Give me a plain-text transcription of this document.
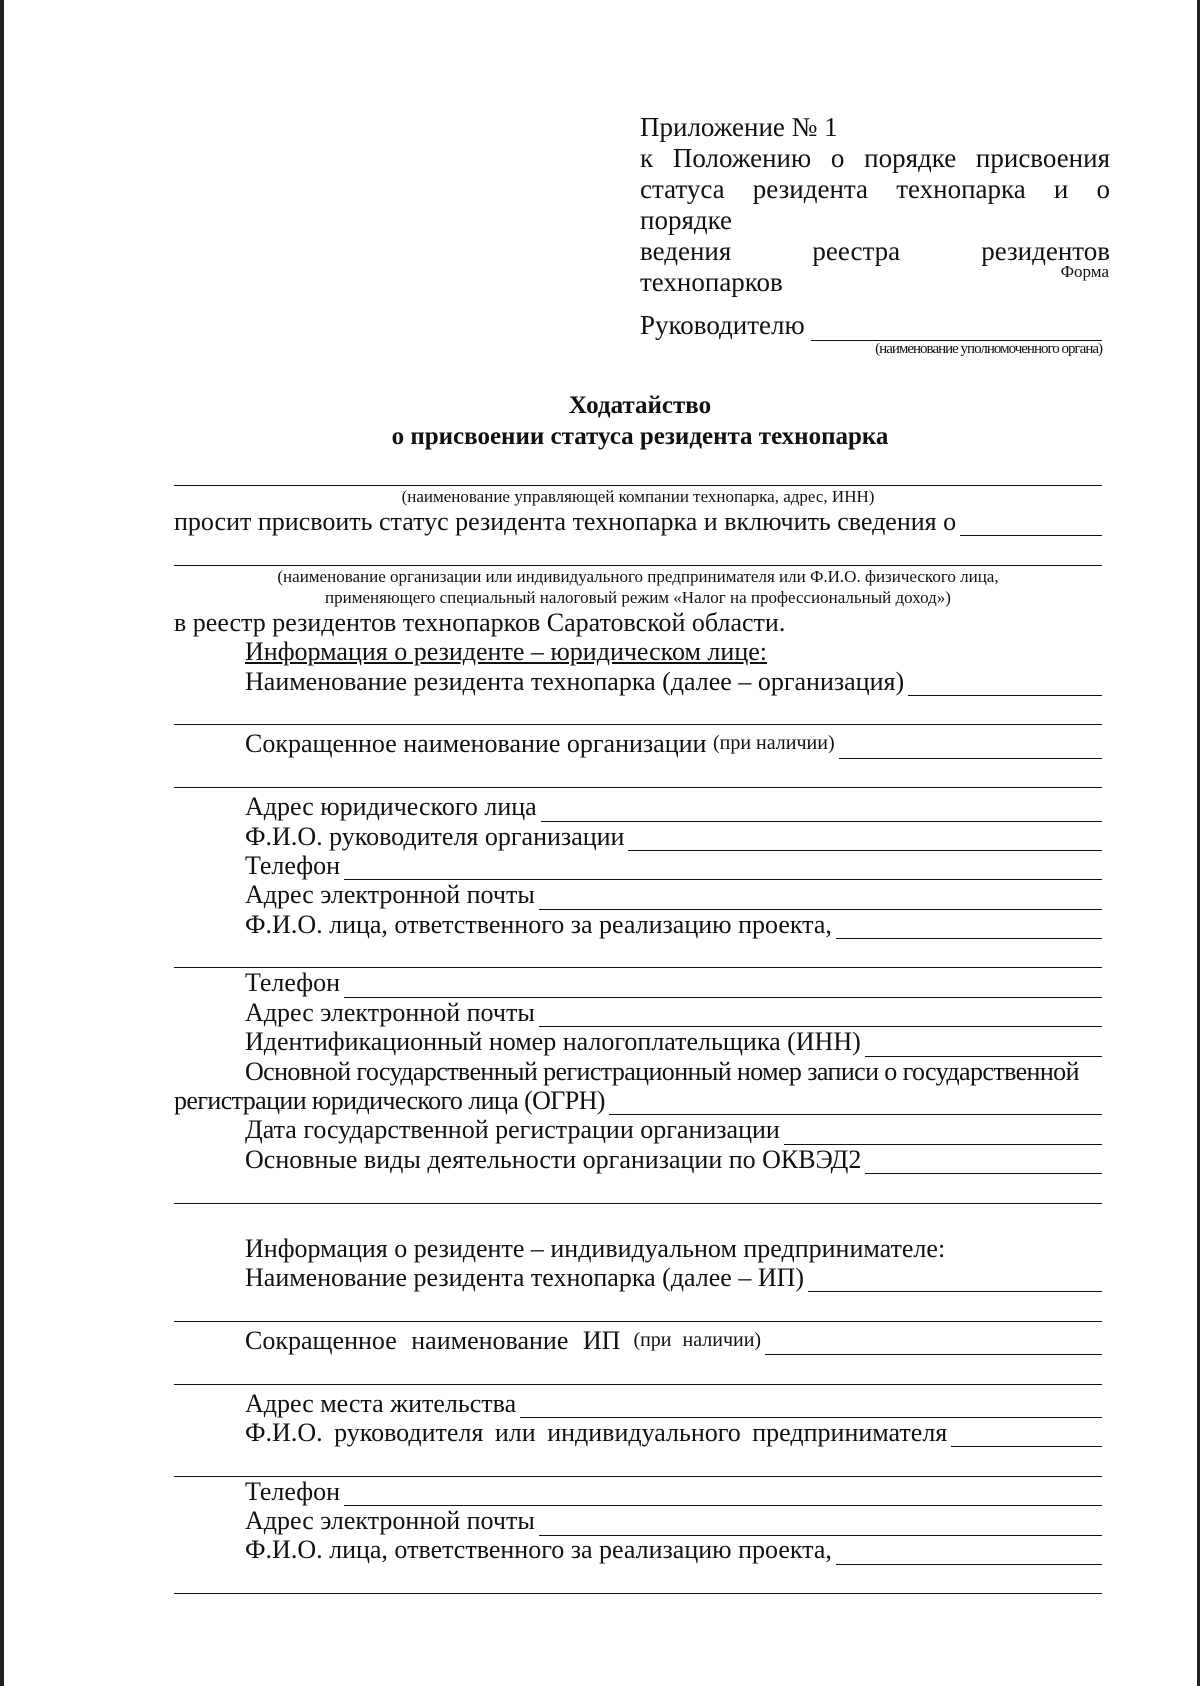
Приложение № 1
к Положению о порядке присвоения
статуса резидента технопарка и о порядке
ведения реестра резидентов технопарков	Форма
Руководителю
(наименование уполномоченного органа)
Ходатайство
о присвоении статуса резидента технопарка
(наименование управляющей компании технопарка, адрес, ИНН)
просит присвоить статус резидента технопарка и включить сведения о
(наименование организации или индивидуального предпринимателя или Ф.И.О. физического лица,
применяющего специальный налоговый режим «Налог на профессиональный доход»)
в реестр резидентов технопарков Саратовской области.
Информация о резиденте – юридическом лице:
Наименование резидента технопарка (далее – организация)
Сокращенное наименование организации
(при наличии)
Адрес юридического лица
Ф.И.О. руководителя организации
Телефон
Адрес электронной почты
Ф.И.О. лица, ответственного за реализацию проекта,
Телефон
Адрес электронной почты
Идентификационный номер налогоплательщика (ИНН)
Основной государственный регистрационный номер записи о государственной
регистрации юридического лица (ОГРН)
Дата государственной регистрации организации
Основные виды деятельности организации по ОКВЭД2
Информация о резиденте – индивидуальном предпринимателе:
Наименование резидента технопарка (далее – ИП)
Сокращенное наименование ИП
(при наличии)
Адрес места жительства
Ф.И.О. руководителя или индивидуального предпринимателя
Телефон
Адрес электронной почты
Ф.И.О. лица, ответственного за реализацию проекта,
